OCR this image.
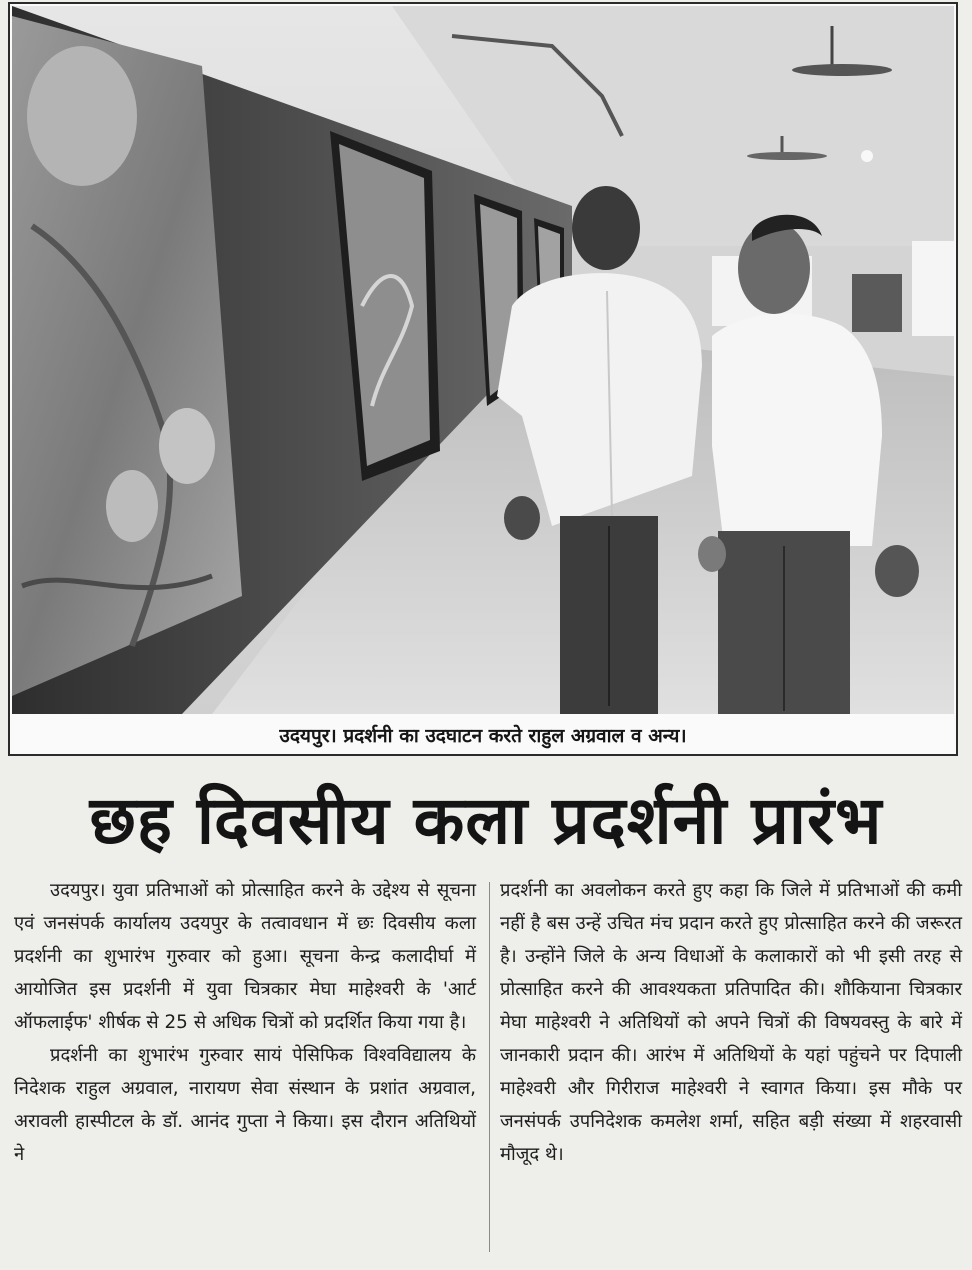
उदयपुर। प्रदर्शनी का उदघाटन करते राहुल अग्रवाल व अन्य।
छह दिवसीय कला प्रदर्शनी प्रारंभ

उदयपुर। युवा प्रतिभाओं को प्रोत्साहित करने के उद्देश्य से सूचना एवं जनसंपर्क कार्यालय उदयपुर के तत्वावधान में छः दिवसीय कला प्रदर्शनी का शुभारंभ गुरुवार को हुआ। सूचना केन्द्र कलादीर्घा में आयोजित इस प्रदर्शनी में युवा चित्रकार मेघा माहेश्वरी के 'आर्ट ऑफलाईफ' शीर्षक से 25 से अधिक चित्रों को प्रदर्शित किया गया है।

प्रदर्शनी का शुभारंभ गुरुवार सायं पेसिफिक विश्वविद्यालय के निदेशक राहुल अग्रवाल, नारायण सेवा संस्थान के प्रशांत अग्रवाल, अरावली हास्पीटल के डॉ. आनंद गुप्ता ने किया। इस दौरान अतिथियों ने

प्रदर्शनी का अवलोकन करते हुए कहा कि जिले में प्रतिभाओं की कमी नहीं है बस उन्हें उचित मंच प्रदान करते हुए प्रोत्साहित करने की जरूरत है। उन्होंने जिले के अन्य विधाओं के कलाकारों को भी इसी तरह से प्रोत्साहित करने की आवश्यकता प्रतिपादित की। शौकियाना चित्रकार मेघा माहेश्वरी ने अतिथियों को अपने चित्रों की विषयवस्तु के बारे में जानकारी प्रदान की। आरंभ में अतिथियों के यहां पहुंचने पर दिपाली माहेश्वरी और गिरीराज माहेश्वरी ने स्वागत किया। इस मौके पर जनसंपर्क उपनिदेशक कमलेश शर्मा, सहित बड़ी संख्या में शहरवासी मौजूद थे।
